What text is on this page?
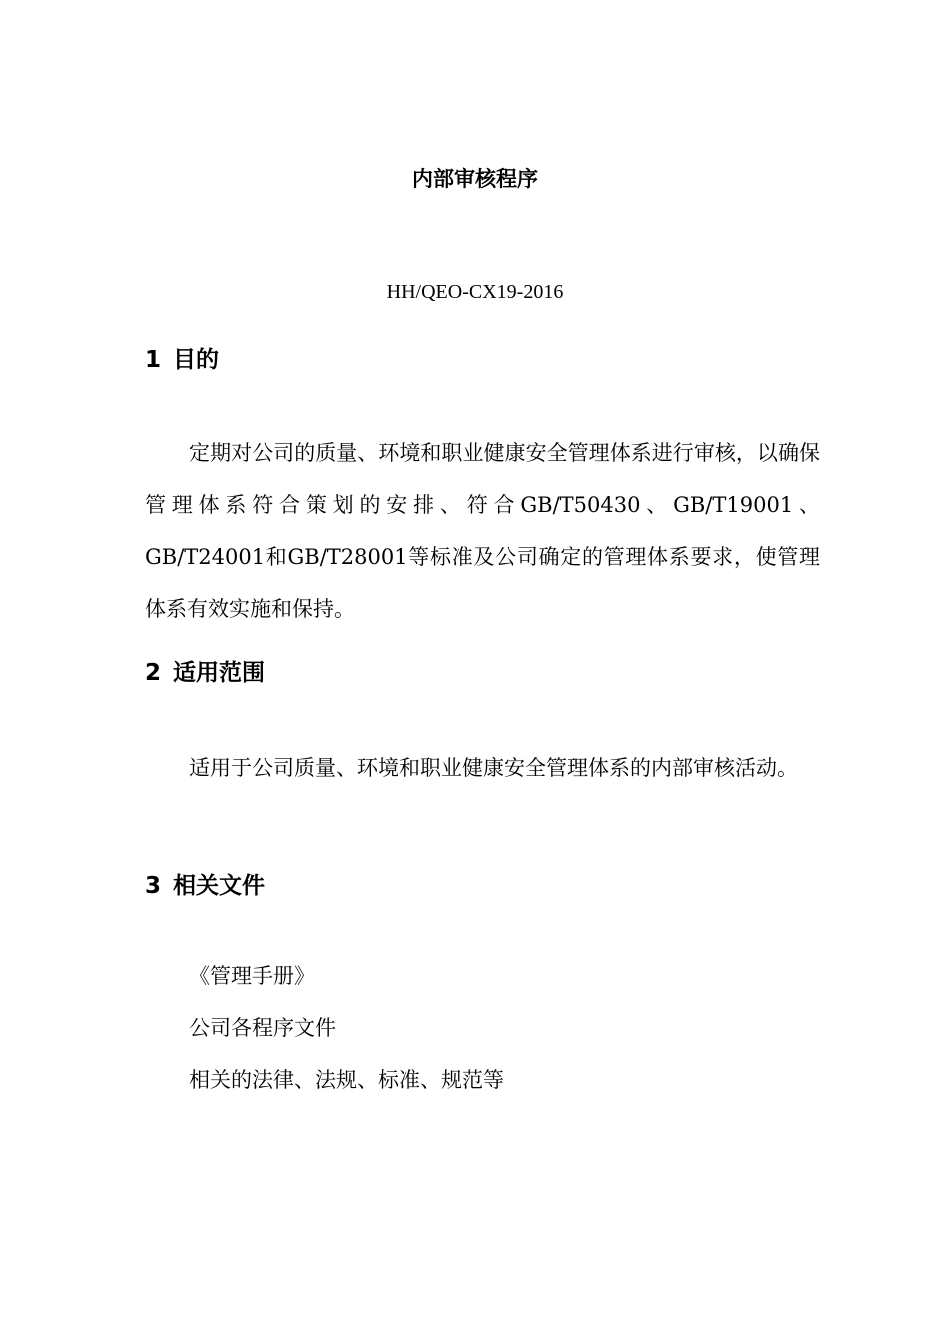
内部审核程序
HH/QEO-CX19-2016
1 目的
定期对公司的质量、环境和职业健康安全管理体系进行审核，以确保管理体系符合策划的安排、符合GB/T50430、GB/T19001、GB/T24001和GB/T28001等标准及公司确定的管理体系要求，使管理体系有效实施和保持。
2 适用范围
适用于公司质量、环境和职业健康安全管理体系的内部审核活动。
3 相关文件
《管理手册》
公司各程序文件
相关的法律、法规、标准、规范等
